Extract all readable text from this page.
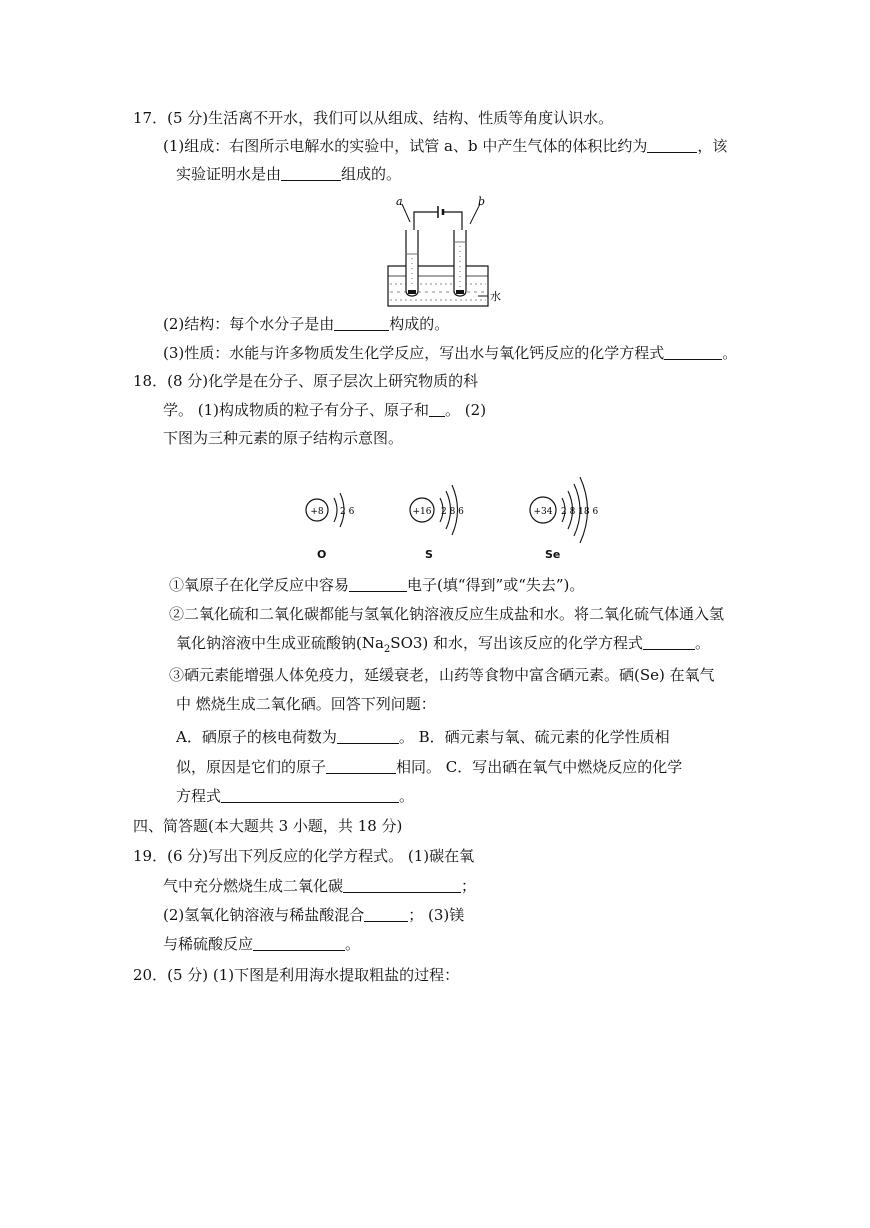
17．(5 分)生活离不开水，我们可以从组成、结构、性质等角度认识水。
(1)组成：右图所示电解水的实验中，试管 a、b 中产生气体的体积比约为	，该
实验证明水是由	组成的。
a	b
水
(2)结构：每个水分子是由	构成的。
(3)性质：水能与许多物质发生化学反应，写出水与氧化钙反应的化学方程式	。
18．(8 分)化学是在分子、原子层次上研究物质的科
学。 (1)构成物质的粒子有分子、原子和 。 (2)
下图为三种元素的原子结构示意图。
+8 2 6	+16 2 8 6	+34 2 8 18 6
O	S	Se
①氧原子在化学反应中容易	电子(填“得到”或“失去”)。
②二氧化硫和二氧化碳都能与氢氧化钠溶液反应生成盐和水。将二氧化硫气体通入氢
氧化钠溶液中生成亚硫酸钠$(Na_2SO3)$ 和水，写出该反应的化学方程式	。
③硒元素能增强人体免疫力，延缓衰老，山药等食物中富含硒元素。硒(Se) 在氧气
中 燃烧生成二氧化硒。回答下列问题：
A．硒原子的核电荷数为	。 B．硒元素与氧、硫元素的化学性质相
似，原因是它们的原子	相同。 C．写出硒在氧气中燃烧反应的化学
方程式	。
四、简答题(本大题共 3 小题，共 18 分)
19．(6 分)写出下列反应的化学方程式。 (1)碳在氧
气中充分燃烧生成二氧化碳	；
(2)氢氧化钠溶液与稀盐酸混合	； (3)镁
与稀硫酸反应	。
20．(5 分) (1)下图是利用海水提取粗盐的过程：
